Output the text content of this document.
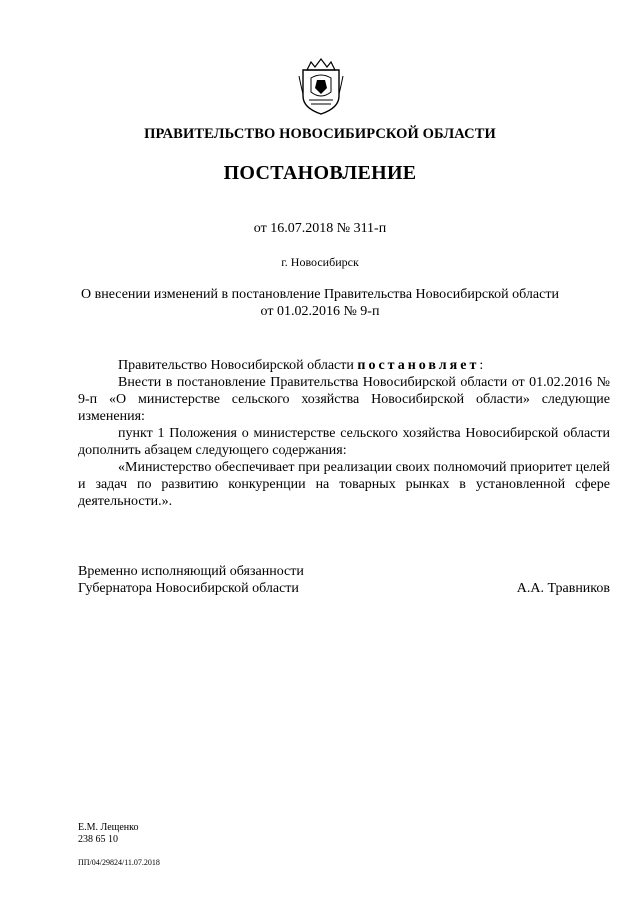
ПРАВИТЕЛЬСТВО НОВОСИБИРСКОЙ ОБЛАСТИ
ПОСТАНОВЛЕНИЕ
от 16.07.2018 № 311-п
г. Новосибирск
О внесении изменений в постановление Правительства Новосибирской области
от 01.02.2016 № 9-п
Правительство Новосибирской области постановляет:
Внести в постановление Правительства Новосибирской области от 01.02.2016 № 9-п «О министерстве сельского хозяйства Новосибирской области» следующие изменения:
пункт 1 Положения о министерстве сельского хозяйства Новосибирской области дополнить абзацем следующего содержания:
«Министерство обеспечивает при реализации своих полномочий приоритет целей и задач по развитию конкуренции на товарных рынках в установленной сфере деятельности.».
Временно исполняющий обязанности
Губернатора Новосибирской области	А.А. Травников
Е.М. Лещенко
238 65 10
ПП/04/29824/11.07.2018
